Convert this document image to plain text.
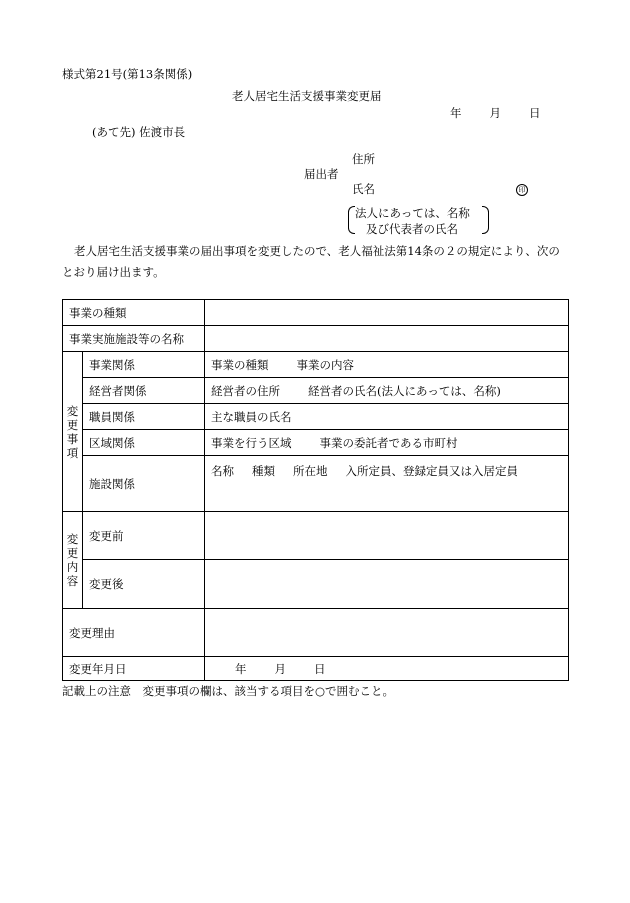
様式第21号(第13条関係)
老人居宅生活支援事業変更届
年 月 日
(あて先) 佐渡市長
住所
届出者
氏名	印
法人にあっては、名称
及び代表者の氏名
老人居宅生活支援事業の届出事項を変更したので、老人福祉法第14条の２の規定により、次のとおり届け出ます。
事業の種類		
事業実施施設等の名称		
変更事項	事業関係	事業の種類 事業の内容
	経営者関係	経営者の住所 経営者の氏名(法人にあっては、名称)
	職員関係	主な職員の氏名
	区域関係	事業を行う区域 事業の委託者である市町村
	施設関係	名称 種類 所在地 入所定員、登録定員又は入居定員
変更内容	変更前	
	変更後	
変更理由		
変更年月日		年 月 日
記載上の注意　変更事項の欄は、該当する項目を○で囲むこと。
